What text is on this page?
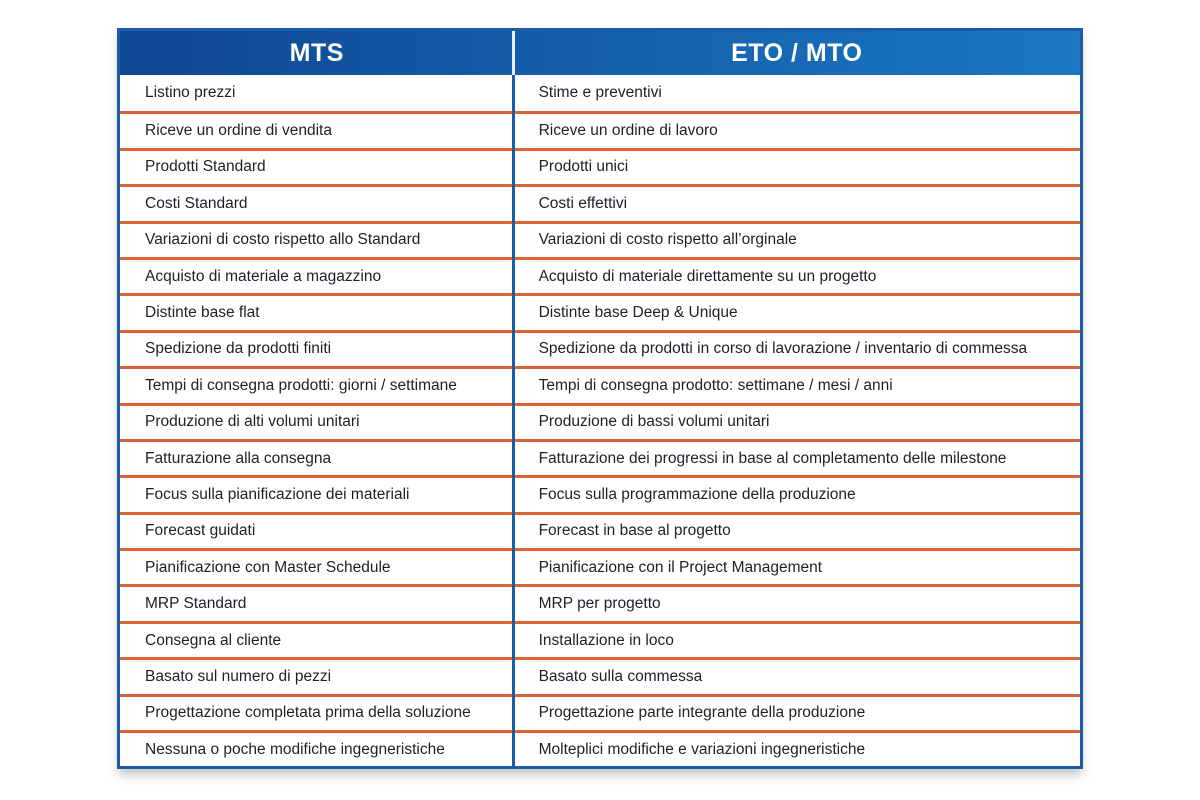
MTS	ETO / MTO
Listino prezzi	Stime e preventivi
Riceve un ordine di vendita	Riceve un ordine di lavoro
Prodotti Standard	Prodotti unici
Costi Standard	Costi effettivi
Variazioni di costo rispetto allo Standard	Variazioni di costo rispetto all’orginale
Acquisto di materiale a magazzino	Acquisto di materiale direttamente su un progetto
Distinte base flat	Distinte base Deep & Unique
Spedizione da prodotti finiti	Spedizione da prodotti in corso di lavorazione / inventario di commessa
Tempi di consegna prodotti: giorni / settimane	Tempi di consegna prodotto: settimane / mesi / anni
Produzione di alti volumi unitari	Produzione di bassi volumi unitari
Fatturazione alla consegna	Fatturazione dei progressi in base al completamento delle milestone
Focus sulla pianificazione dei materiali	Focus sulla programmazione della produzione
Forecast guidati	Forecast in base al progetto
Pianificazione con Master Schedule	Pianificazione con il Project Management
MRP Standard	MRP per progetto
Consegna al cliente	Installazione in loco
Basato sul numero di pezzi	Basato sulla commessa
Progettazione completata prima della soluzione	Progettazione parte integrante della produzione
Nessuna o poche modifiche ingegneristiche	Molteplici modifiche e variazioni ingegneristiche
